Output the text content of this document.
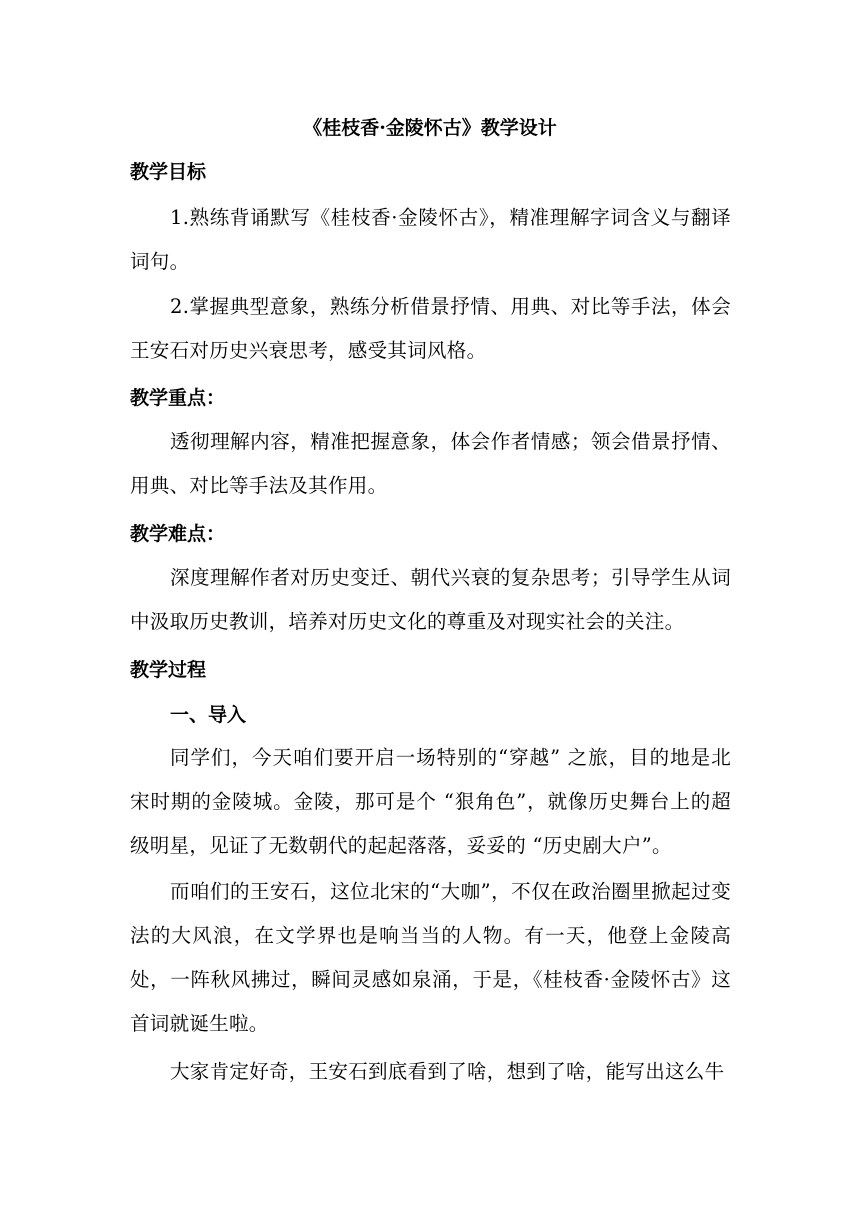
《桂枝香·金陵怀古》教学设计
教学目标
1.熟练背诵默写《桂枝香·金陵怀古》，精准理解字词含义与翻译词句。
2.掌握典型意象，熟练分析借景抒情、用典、对比等手法，体会王安石对历史兴衰思考，感受其词风格。
教学重点：
透彻理解内容，精准把握意象，体会作者情感；领会借景抒情、用典、对比等手法及其作用。
教学难点：
深度理解作者对历史变迁、朝代兴衰的复杂思考；引导学生从词中汲取历史教训，培养对历史文化的尊重及对现实社会的关注。
教学过程
一、导入
同学们，今天咱们要开启一场特别的“穿越” 之旅，目的地是北宋时期的金陵城。金陵，那可是个 “狠角色”，就像历史舞台上的超级明星，见证了无数朝代的起起落落，妥妥的 “历史剧大户”。
而咱们的王安石，这位北宋的“大咖”，不仅在政治圈里掀起过变法的大风浪，在文学界也是响当当的人物。有一天，他登上金陵高处，一阵秋风拂过，瞬间灵感如泉涌，于是，《桂枝香·金陵怀古》这首词就诞生啦。
大家肯定好奇，王安石到底看到了啥，想到了啥，能写出这么牛
